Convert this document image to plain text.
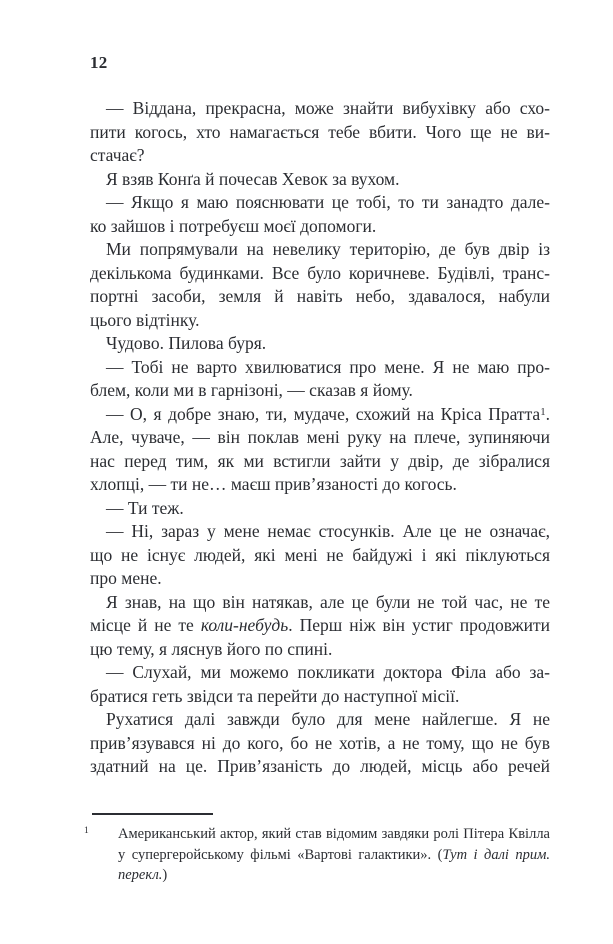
12
— Віддана, прекрасна, може знайти вибухівку або схо-
пити когось, хто намагається тебе вбити. Чого ще не ви-
стачає?
Я взяв Конґа й почесав Хевок за вухом.
— Якщо я маю пояснювати це тобі, то ти занадто дале-
ко зайшов і потребуєш моєї допомоги.
Ми попрямували на невелику територію, де був двір із
декількома будинками. Все було коричневе. Будівлі, транс-
портні засоби, земля й навіть небо, здавалося, набули
цього відтінку.
Чудово. Пилова буря.
— Тобі не варто хвилюватися про мене. Я не маю про-
блем, коли ми в гарнізоні, — сказав я йому.
— О, я добре знаю, ти, мудаче, схожий на Кріса Пратта$^1$.
Але, чуваче, — він поклав мені руку на плече, зупиняючи
нас перед тим, як ми встигли зайти у двір, де зібралися
хлопці, — ти не… маєш прив’язаності до когось.
— Ти теж.
— Ні, зараз у мене немає стосунків. Але це не означає,
що не існує людей, які мені не байдужі і які піклуються
про мене.
Я знав, на що він натякав, але це були не той час, не те
місце й не те коли-небудь. Перш ніж він устиг продовжити
цю тему, я ляснув його по спині.
— Слухай, ми можемо покликати доктора Філа або за-
братися геть звідси та перейти до наступної місії.
Рухатися далі завжди було для мене найлегше. Я не
прив’язувався ні до кого, бо не хотів, а не тому, що не був
здатний на це. Прив’язаність до людей, місць або речей
1 Американський актор, який став відомим завдяки ролі Пітера Квілла
у супергеройському фільмі «Вартові галактики». (Тут і далі прим.
перекл.)
